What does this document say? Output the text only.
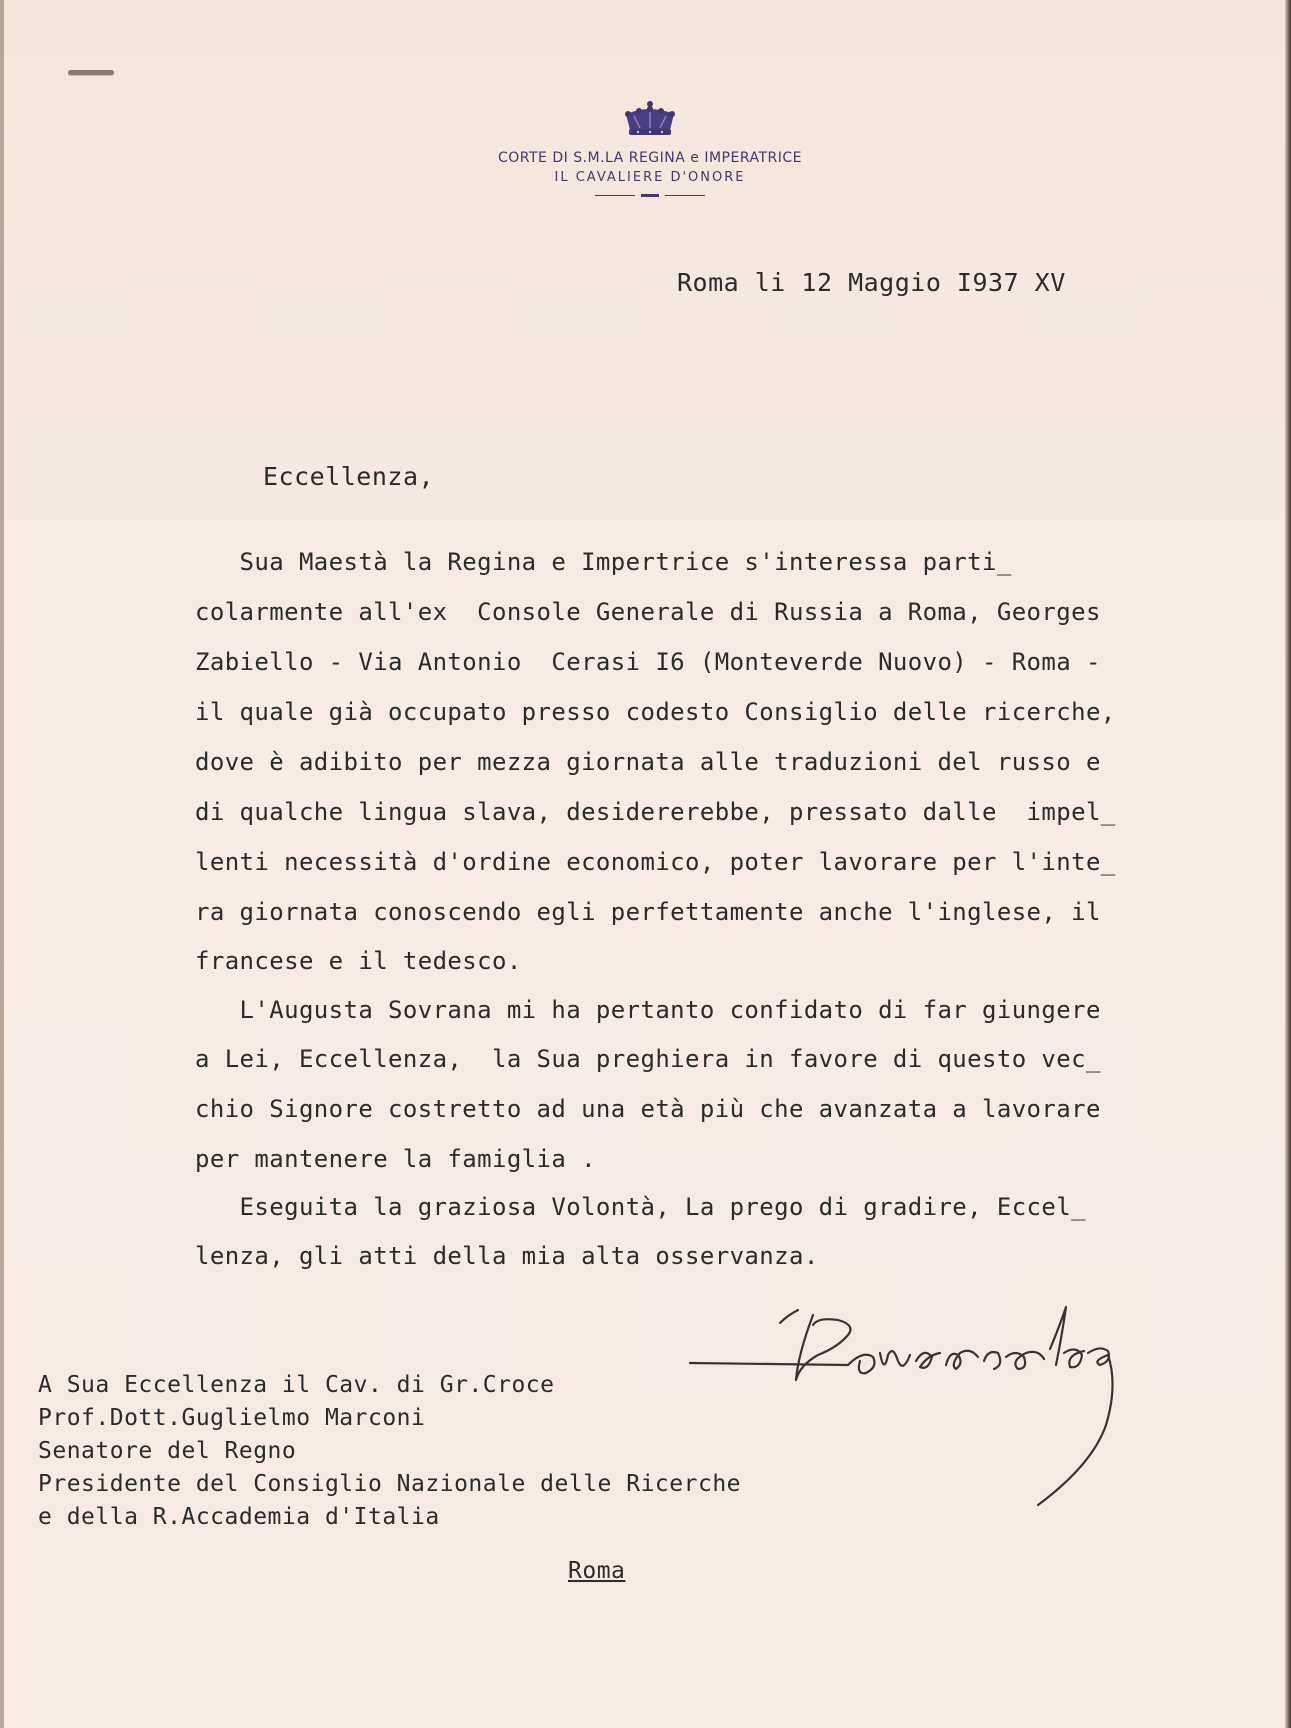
CORTE DI S.M.LA REGINA e IMPERATRICE
IL CAVALIERE D'ONORE
Roma li 12 Maggio I937 XV
Eccellenza,
Sua Maestà la Regina e Impertrice s'interessa parti_
colarmente all'ex  Console Generale di Russia a Roma, Georges
Zabiello - Via Antonio  Cerasi I6 (Monteverde Nuovo) - Roma -
il quale già occupato presso codesto Consiglio delle ricerche,
dove è adibito per mezza giornata alle traduzioni del russo e
di qualche lingua slava, desidererebbe, pressato dalle  impel_
lenti necessità d'ordine economico, poter lavorare per l'inte_
ra giornata conoscendo egli perfettamente anche l'inglese, il
francese e il tedesco.
L'Augusta Sovrana mi ha pertanto confidato di far giungere
a Lei, Eccellenza,  la Sua preghiera in favore di questo vec_
chio Signore costretto ad una età più che avanzata a lavorare
per mantenere la famiglia .
Eseguita la graziosa Volontà, La prego di gradire, Eccel_
lenza, gli atti della mia alta osservanza.
A Sua Eccellenza il Cav. di Gr.Croce
Prof.Dott.Guglielmo Marconi
Senatore del Regno
Presidente del Consiglio Nazionale delle Ricerche
e della R.Accademia d'Italia
Roma
